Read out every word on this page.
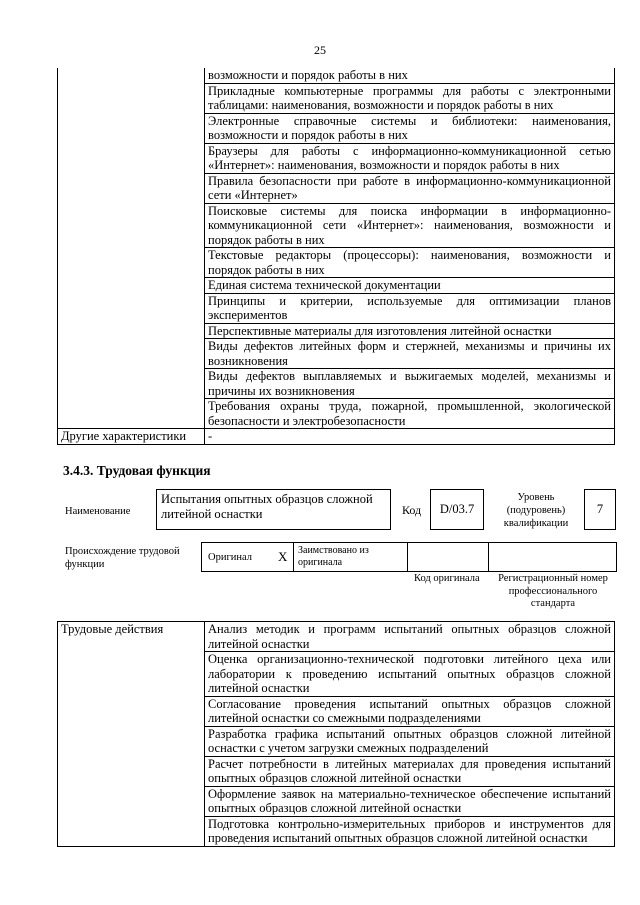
25
	возможности и порядок работы в них
	Прикладные компьютерные программы для работы с электронными таблицами: наименования, возможности и порядок работы в них
	Электронные справочные системы и библиотеки: наименования, возможности и порядок работы в них
	Браузеры для работы с информационно-коммуникационной сетью «Интернет»: наименования, возможности и порядок работы в них
	Правила безопасности при работе в информационно-коммуникационной сети «Интернет»
	Поисковые системы для поиска информации в информационно-коммуникационной сети «Интернет»: наименования, возможности и порядок работы в них
	Текстовые редакторы (процессоры): наименования, возможности и порядок работы в них
	Единая система технической документации
	Принципы и критерии, используемые для оптимизации планов экспериментов
	Перспективные материалы для изготовления литейной оснастки
	Виды дефектов литейных форм и стержней, механизмы и причины их возникновения
	Виды дефектов выплавляемых и выжигаемых моделей, механизмы и причины их возникновения
	Требования охраны труда, пожарной, промышленной, экологической безопасности и электробезопасности
Другие характеристики	-
3.4.3. Трудовая функция
Наименование
Испытания опытных образцов сложной литейной оснастки	Код	D/03.7
Уровень (подуровень) квалификации
7
Происхождение трудовой функции
Оригинал X Заимствовано из оригинала
Код оригинала	Регистрационный номер профессионального стандарта
Трудовые действия	Анализ методик и программ испытаний опытных образцов сложной литейной оснастки
Оценка организационно-технической подготовки литейного цеха или лаборатории к проведению испытаний опытных образцов сложной литейной оснастки
Согласование проведения испытаний опытных образцов сложной литейной оснастки со смежными подразделениями
Разработка графика испытаний опытных образцов сложной литейной оснастки с учетом загрузки смежных подразделений
Расчет потребности в литейных материалах для проведения испытаний опытных образцов сложной литейной оснастки
Оформление заявок на материально-техническое обеспечение испытаний опытных образцов сложной литейной оснастки
Подготовка контрольно-измерительных приборов и инструментов для проведения испытаний опытных образцов сложной литейной оснастки
